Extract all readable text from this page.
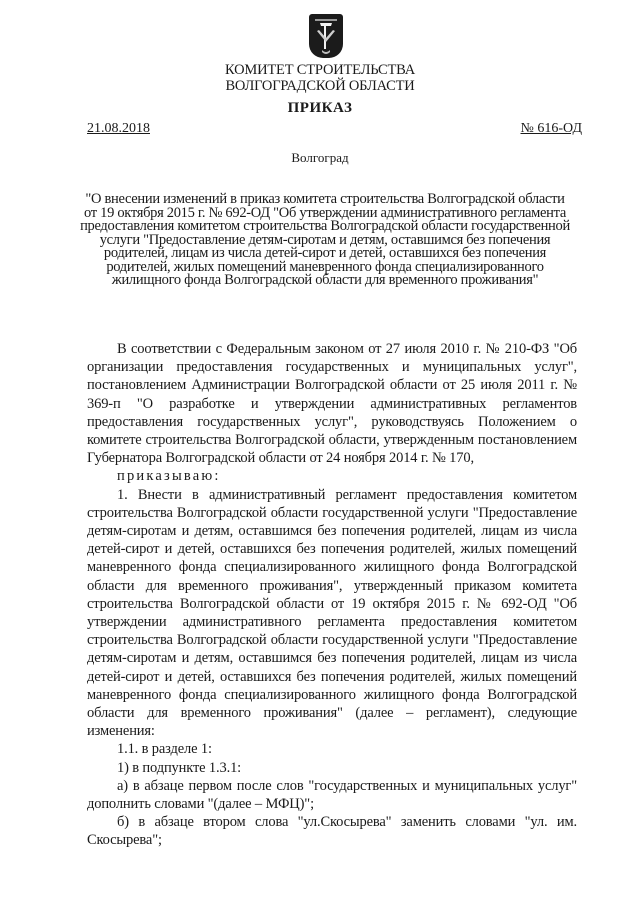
КОМИТЕТ СТРОИТЕЛЬСТВА
ВОЛГОГРАДСКОЙ ОБЛАСТИ
ПРИКАЗ
21.08.2018	№ 616-ОД
Волгоград
"О внесении изменений в приказ комитета строительства Волгоградской области от 19 октября 2015 г. № 692-ОД "Об утверждении административного регламента предоставления комитетом строительства Волгоградской области государственной услуги "Предоставление детям-сиротам и детям, оставшимся без попечения родителей, лицам из числа детей-сирот и детей, оставшихся без попечения родителей, жилых помещений маневренного фонда специализированного жилищного фонда Волгоградской области для временного проживания"
В соответствии с Федеральным законом от 27 июля 2010 г. № 210-ФЗ "Об организации предоставления государственных и муниципальных услуг", постановлением Администрации Волгоградской области от 25 июля 2011 г. № 369-п "О разработке и утверждении административных регламентов предоставления государственных услуг", руководствуясь Положением о комитете строительства Волгоградской области, утвержденным постановлением Губернатора Волгоградской области от 24 ноября 2014 г. № 170,
приказываю:
1. Внести в административный регламент предоставления комитетом строительства Волгоградской области государственной услуги "Предоставление детям-сиротам и детям, оставшимся без попечения родителей, лицам из числа детей-сирот и детей, оставшихся без попечения родителей, жилых помещений маневренного фонда специализированного жилищного фонда Волгоградской области для временного проживания", утвержденный приказом комитета строительства Волгоградской области от 19 октября 2015 г. № 692-ОД "Об утверждении административного регламента предоставления комитетом строительства Волгоградской области государственной услуги "Предоставление детям-сиротам и детям, оставшимся без попечения родителей, лицам из числа детей-сирот и детей, оставшихся без попечения родителей, жилых помещений маневренного фонда специализированного жилищного фонда Волгоградской области для временного проживания" (далее – регламент), следующие изменения:
1.1. в разделе 1:
1) в подпункте 1.3.1:
а) в абзаце первом после слов "государственных и муниципальных услуг" дополнить словами "(далее – МФЦ)";
б) в абзаце втором слова "ул.Скосырева" заменить словами "ул. им. Скосырева";
